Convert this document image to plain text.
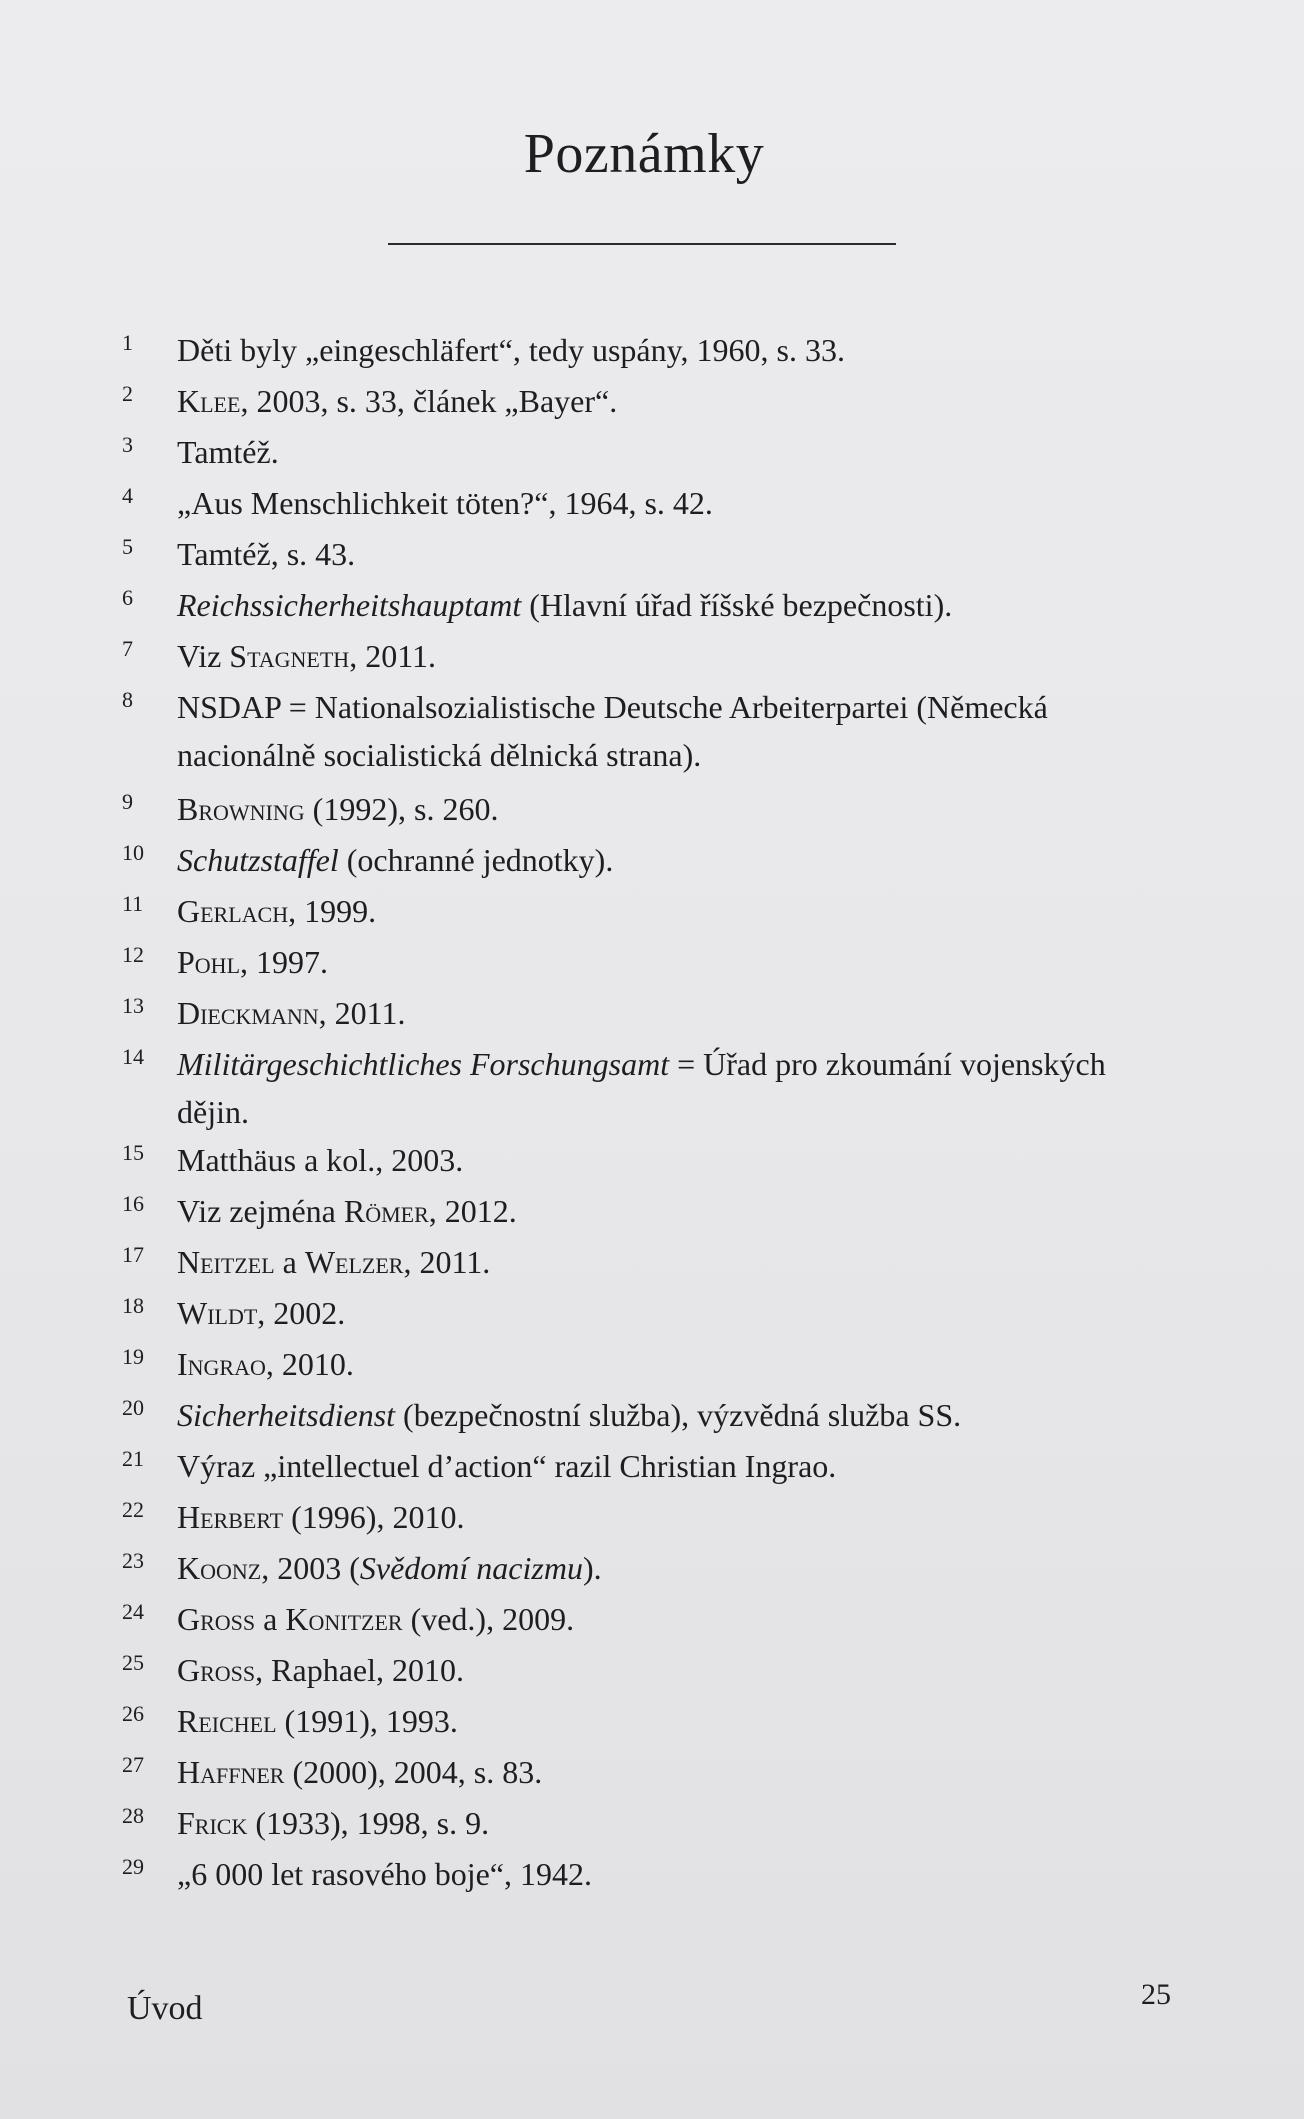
Poznámky
1 Děti byly „eingeschläfert“, tedy uspány, 1960, s. 33.
2 Klee, 2003, s. 33, článek „Bayer“.
3 Tamtéž.
4 „Aus Menschlichkeit töten?“, 1964, s. 42.
5 Tamtéž, s. 43.
6 Reichssicherheitshauptamt (Hlavní úřad říšské bezpečnosti).
7 Viz Stagneth, 2011.
8 NSDAP = Nationalsozialistische Deutsche Arbeiterpartei (Německá nacionálně socialistická dělnická strana).
9 Browning (1992), s. 260.
10 Schutzstaffel (ochranné jednotky).
11 Gerlach, 1999.
12 Pohl, 1997.
13 Dieckmann, 2011.
14 Militärgeschichtliches Forschungsamt = Úřad pro zkoumání vojenských dějin.
15 Matthäus a kol., 2003.
16 Viz zejména Römer, 2012.
17 Neitzel a Welzer, 2011.
18 Wildt, 2002.
19 Ingrao, 2010.
20 Sicherheitsdienst (bezpečnostní služba), výzvědná služba SS.
21 Výraz „intellectuel d’action“ razil Christian Ingrao.
22 Herbert (1996), 2010.
23 Koonz, 2003 (Svědomí nacizmu).
24 Gross a Konitzer (ved.), 2009.
25 Gross, Raphael, 2010.
26 Reichel (1991), 1993.
27 Haffner (2000), 2004, s. 83.
28 Frick (1933), 1998, s. 9.
29 „6 000 let rasového boje“, 1942.
Úvod	25
